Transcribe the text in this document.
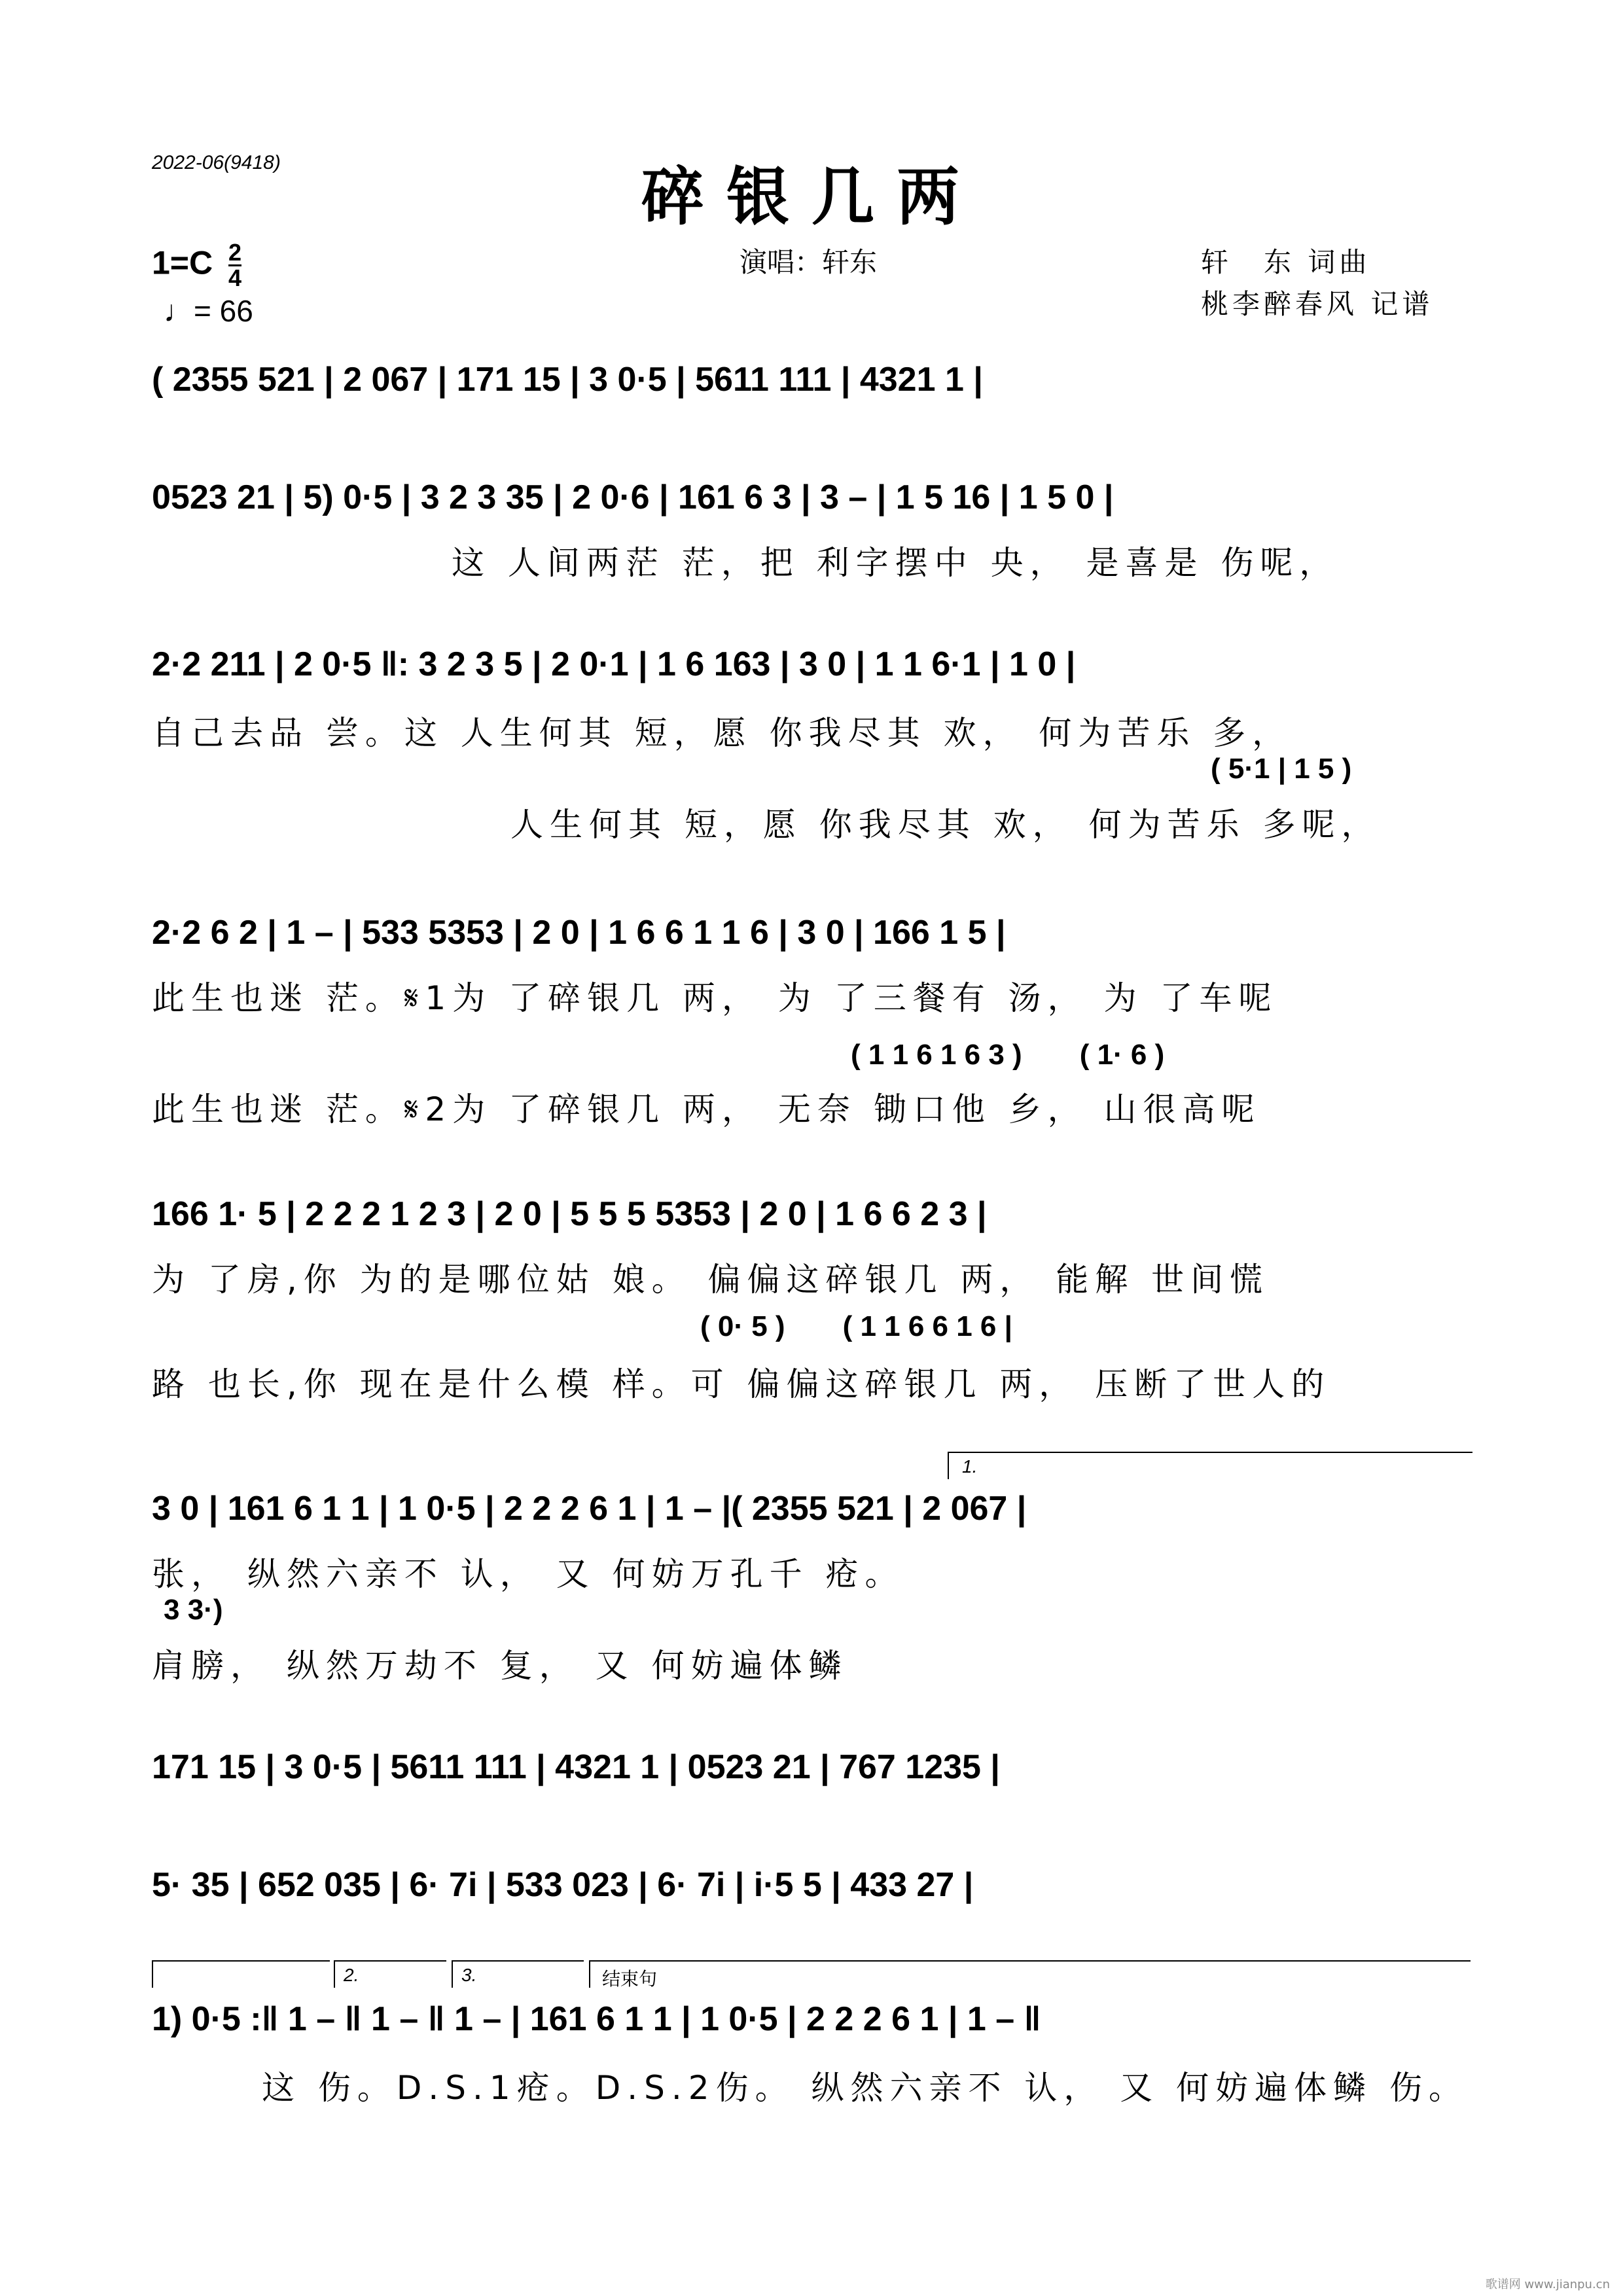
2022-06(9418)	碎银几两
$1=C \frac{2}{4}$
♩= 66
演唱：轩东	轩　东 词曲
桃李醉春风 记谱
( 2355 521 | 2 067 | 171 15 | 3 0·5 | 5611 111 | 4321 1 |
0523 21 | 5) 0·5 | 3 2 3 35 | 2 0·6 | 161 6 3 | 3 – | 1 5 16 | 1 5 0 |
这 人间两茫 茫，把 利字摆中 央， 是喜是 伤呢，
2·2 211 | 2 0·5 ‖: 3 2 3 5 | 2 0·1 | 1 6 163 | 3 0 | 1 1 6·1 | 1 0 |
自己去品 尝。这 人生何其 短，愿 你我尽其 欢， 何为苦乐 多，
( 5·1 | 1 5 )
人生何其 短，愿 你我尽其 欢， 何为苦乐 多呢，
2·2 6 2 | 1 – | 533 5353 | 2 0 | 1 6 6 1 1 6 | 3 0 | 166 1 5 |
此生也迷 茫。𝄋1为 了碎银几 两， 为 了三餐有 汤， 为 了车呢
( 1 1 6 1 6 3 )　　( 1· 6 )
此生也迷 茫。𝄋2为 了碎银几 两， 无奈 锄口他 乡， 山很高呢
166 1· 5 | 2 2 2 1 2 3 | 2 0 | 5 5 5 5353 | 2 0 | 1 6 6 2 3 |
为 了房,你 为的是哪位姑 娘。 偏偏这碎银几 两， 能解 世间慌
( 0· 5 )　　( 1 1 6 6 1 6 |
路 也长,你 现在是什么模 样。可 偏偏这碎银几 两， 压断了世人的
1.
3 0 | 161 6 1 1 | 1 0·5 | 2 2 2 6 1 | 1 – |( 2355 521 | 2 067 |
张， 纵然六亲不 认， 又 何妨万孔千 疮。
3 3·)
肩膀， 纵然万劫不 复， 又 何妨遍体鳞
171 15 | 3 0·5 | 5611 111 | 4321 1 | 0523 21 | 767 1235 |
5· 35 | 652 035 | 6· 7i | 533 023 | 6· 7i | i·5 5 | 433 27 |
2.	3.	结束句
1) 0·5 :‖ 1 – ‖ 1 – ‖ 1 – | 161 6 1 1 | 1 0·5 | 2 2 2 6 1 | 1 – ‖
这 伤。D.S.1疮。D.S.2伤。 纵然六亲不 认， 又 何妨遍体鳞 伤。
歌谱网 www.jianpu.cn
